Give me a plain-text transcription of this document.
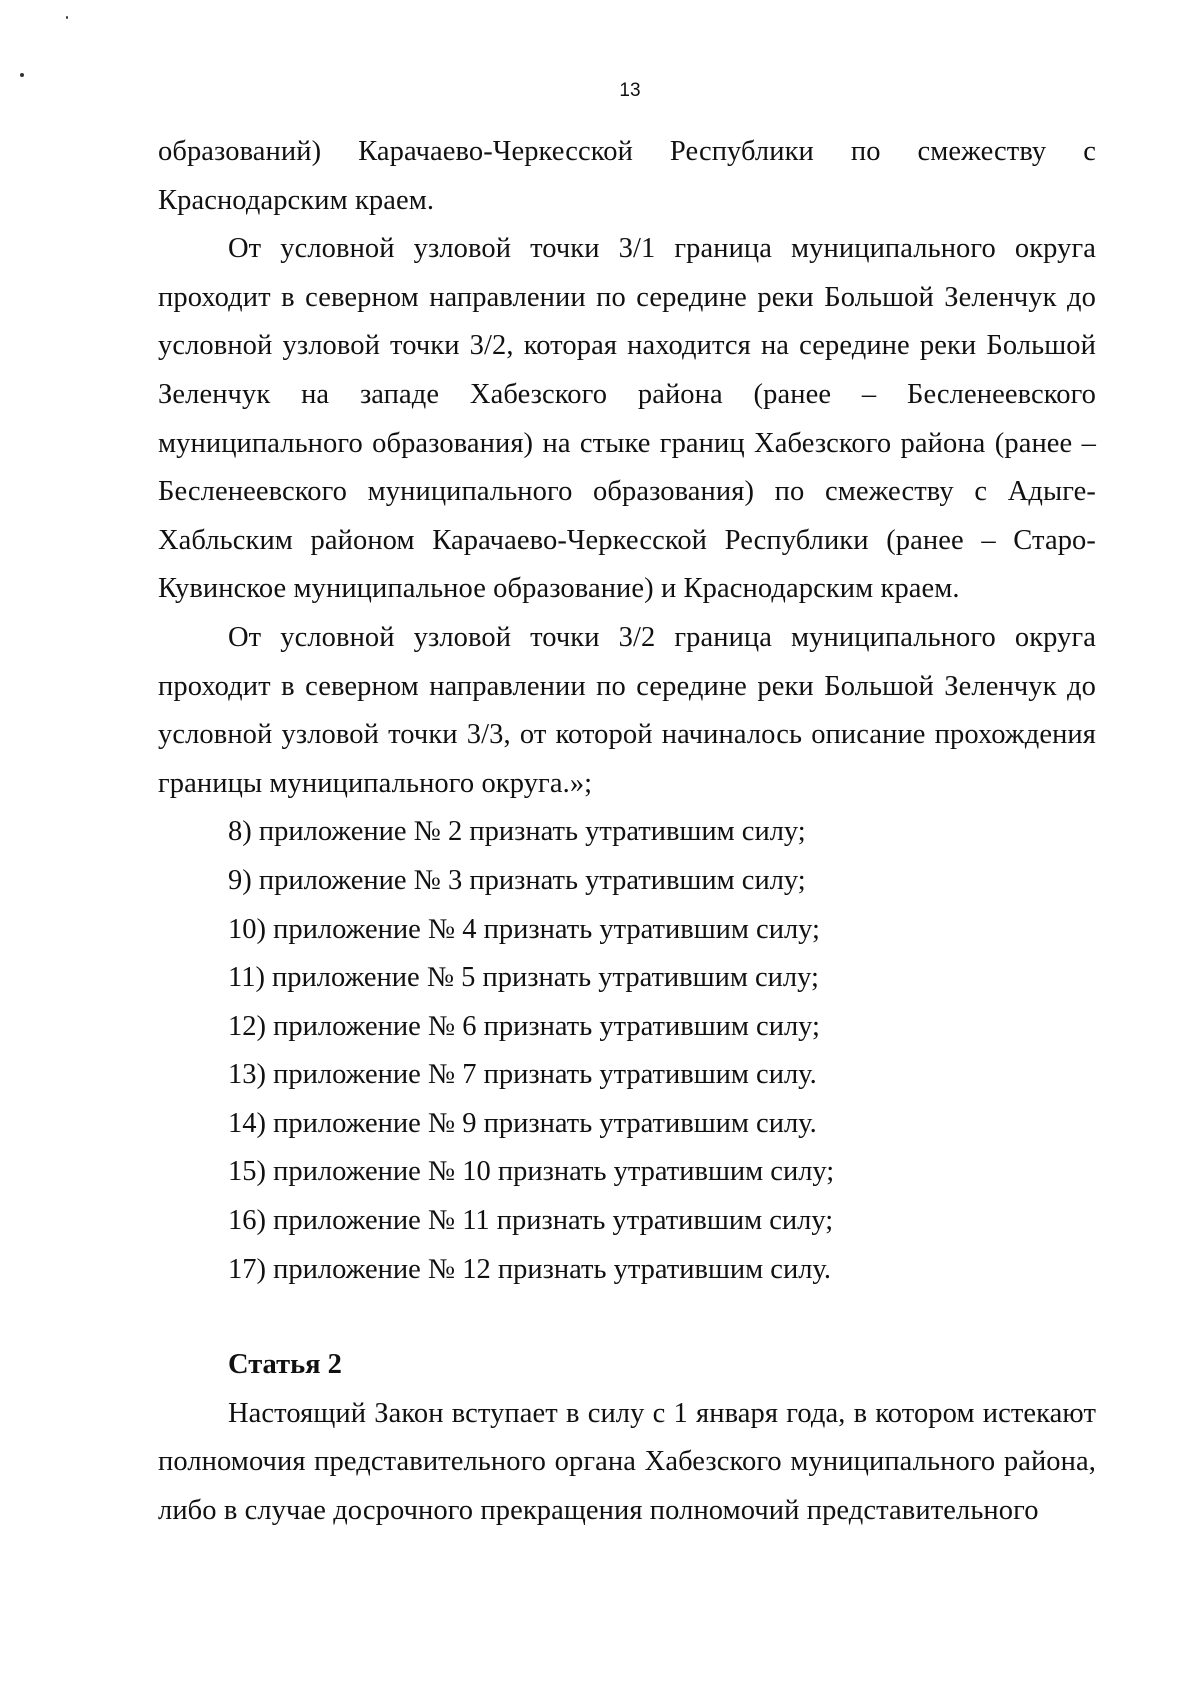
13

образований) Карачаево-Черкесской Республики по смежеству с Краснодарским краем.

От условной узловой точки 3/1 граница муниципального округа проходит в северном направлении по середине реки Большой Зеленчук до условной узловой точки 3/2, которая находится на середине реки Большой Зеленчук на западе Хабезского района (ранее – Бесленеевского муниципального образования) на стыке границ Хабезского района (ранее – Бесленеевского муниципального образования) по смежеству с Адыге-Хабльским районом Карачаево-Черкесской Республики (ранее – Старо-Кувинское муниципальное образование) и Краснодарским краем.

От условной узловой точки 3/2 граница муниципального округа проходит в северном направлении по середине реки Большой Зеленчук до условной узловой точки 3/3, от которой начиналось описание прохождения границы муниципального округа.»;

8) приложение № 2 признать утратившим силу;
9) приложение № 3 признать утратившим силу;
10) приложение № 4 признать утратившим силу;
11) приложение № 5 признать утратившим силу;
12) приложение № 6 признать утратившим силу;
13) приложение № 7 признать утратившим силу.
14) приложение № 9 признать утратившим силу.
15) приложение № 10 признать утратившим силу;
16) приложение № 11 признать утратившим силу;
17) приложение № 12 признать утратившим силу.
Статья 2

Настоящий Закон вступает в силу с 1 января года, в котором истекают полномочия представительного органа Хабезского муниципального района, либо в случае досрочного прекращения полномочий представительного
